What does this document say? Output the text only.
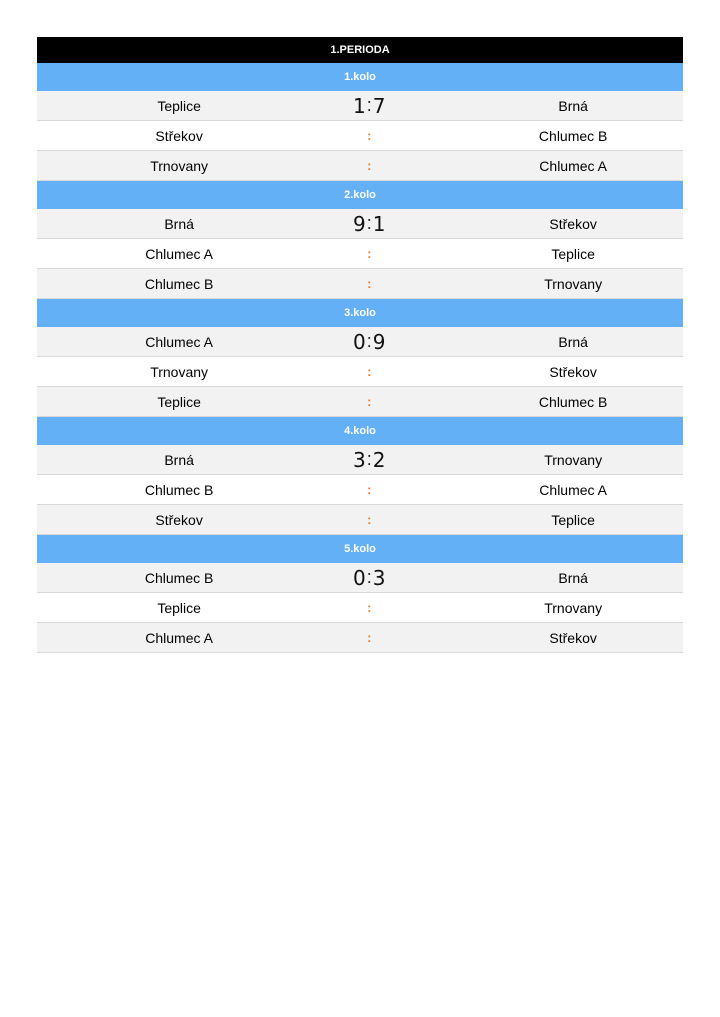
1.PERIODA
1.kolo
Teplice	1 : 7	Brná
Střekov	:	Chlumec B
Trnovany	:	Chlumec A
2.kolo
Brná	9 : 1	Střekov
Chlumec A	:	Teplice
Chlumec B	:	Trnovany
3.kolo
Chlumec A	0 : 9	Brná
Trnovany	:	Střekov
Teplice	:	Chlumec B
4.kolo
Brná	3 : 2	Trnovany
Chlumec B	:	Chlumec A
Střekov	:	Teplice
5.kolo
Chlumec B	0 : 3	Brná
Teplice	:	Trnovany
Chlumec A	:	Střekov
